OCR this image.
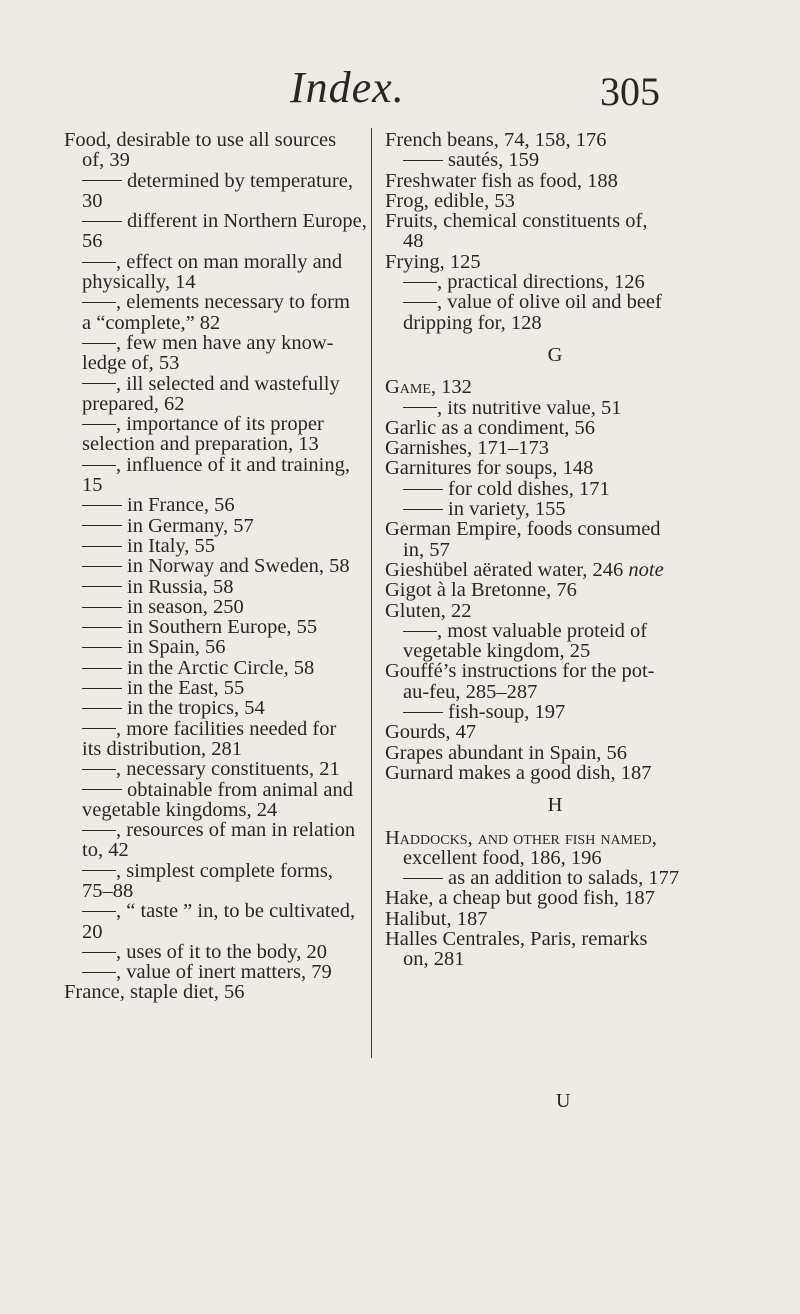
Index.	305
Food, desirable to use all sources
of, 39
determined by temperature,
30
different in Northern Europe,
56
, effect on man morally and
physically, 14
, elements necessary to form
a “complete,” 82
, few men have any know-
ledge of, 53
, ill selected and wastefully
prepared, 62
, importance of its proper
selection and preparation, 13
, influence of it and training,
15
in France, 56
in Germany, 57
in Italy, 55
in Norway and Sweden, 58
in Russia, 58
in season, 250
in Southern Europe, 55
in Spain, 56
in the Arctic Circle, 58
in the East, 55
in the tropics, 54
, more facilities needed for
its distribution, 281
, necessary constituents, 21
obtainable from animal and
vegetable kingdoms, 24
, resources of man in relation
to, 42
, simplest complete forms,
75–88
, “ taste ” in, to be cultivated,
20
, uses of it to the body, 20
, value of inert matters, 79
France, staple diet, 56
French beans, 74, 158, 176
sautés, 159
Freshwater fish as food, 188
Frog, edible, 53
Fruits, chemical constituents of,
48
Frying, 125
, practical directions, 126
, value of olive oil and beef
dripping for, 128
G
Game, 132
, its nutritive value, 51
Garlic as a condiment, 56
Garnishes, 171–173
Garnitures for soups, 148
for cold dishes, 171
in variety, 155
German Empire, foods consumed
in, 57
Gieshübel aërated water, 246 note
Gigot à la Bretonne, 76
Gluten, 22
, most valuable proteid of
vegetable kingdom, 25
Gouffé’s instructions for the pot-
au-feu, 285–287
fish-soup, 197
Gourds, 47
Grapes abundant in Spain, 56
Gurnard makes a good dish, 187
H
Haddocks, and other fish named,
excellent food, 186, 196
as an addition to salads, 177
Hake, a cheap but good fish, 187
Halibut, 187
Halles Centrales, Paris, remarks
on, 281
U
